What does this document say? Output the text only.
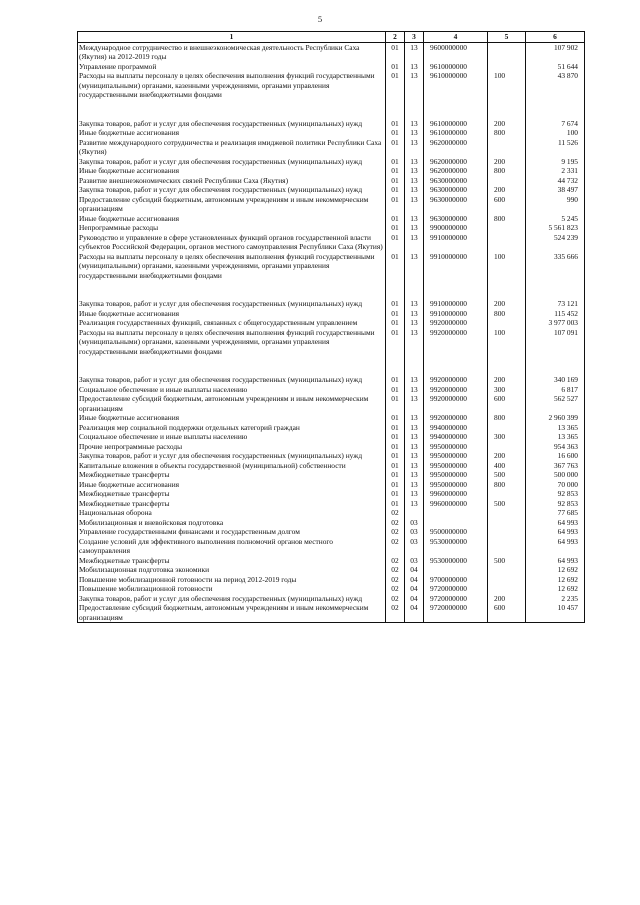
5
1	2	3	4	5	6
Международное сотрудничество и внешнеэкономическая деятельность Республики Саха (Якутия) на 2012-2019 годы	01	13	9600000000		107 902
Управление программой	01	13	9610000000		51 644
Расходы на выплаты персоналу в целях обеспечения выполнения функций государственными (муниципальными) органами, казенными учреждениями, органами управления государственными внебюджетными фондами	01	13	9610000000	100	43 870
Закупка товаров, работ и услуг для обеспечения государственных (муниципальных) нужд	01	13	9610000000	200	7 674
Иные бюджетные ассигнования	01	13	9610000000	800	100
Развитие международного сотрудничества и реализация имиджевой политики Республики Саха (Якутия)	01	13	9620000000		11 526
Закупка товаров, работ и услуг для обеспечения государственных (муниципальных) нужд	01	13	9620000000	200	9 195
Иные бюджетные ассигнования	01	13	9620000000	800	2 331
Развитие внешнеэкономических связей Республики Саха (Якутия)	01	13	9630000000		44 732
Закупка товаров, работ и услуг для обеспечения государственных (муниципальных) нужд	01	13	9630000000	200	38 497
Предоставление субсидий бюджетным, автономным учреждениям и иным некоммерческим организациям	01	13	9630000000	600	990
Иные бюджетные ассигнования	01	13	9630000000	800	5 245
Непрограммные расходы	01	13	9900000000		5 561 823
Руководство и управление в сфере установленных функций органов государственной власти субъектов Российской Федерации, органов местного самоуправления Республики Саха (Якутия)	01	13	9910000000		524 239
Расходы на выплаты персоналу в целях обеспечения выполнения функций государственными (муниципальными) органами, казенными учреждениями, органами управления государственными внебюджетными фондами	01	13	9910000000	100	335 666
Закупка товаров, работ и услуг для обеспечения государственных (муниципальных) нужд	01	13	9910000000	200	73 121
Иные бюджетные ассигнования	01	13	9910000000	800	115 452
Реализация государственных функций, связанных с общегосударственным управлением	01	13	9920000000		3 977 003
Расходы на выплаты персоналу в целях обеспечения выполнения функций государственными (муниципальными) органами, казенными учреждениями, органами управления государственными внебюджетными фондами	01	13	9920000000	100	107 091
Закупка товаров, работ и услуг для обеспечения государственных (муниципальных) нужд	01	13	9920000000	200	340 169
Социальное обеспечение и иные выплаты населению	01	13	9920000000	300	6 817
Предоставление субсидий бюджетным, автономным учреждениям и иным некоммерческим организациям	01	13	9920000000	600	562 527
Иные бюджетные ассигнования	01	13	9920000000	800	2 960 399
Реализация мер социальной поддержки отдельных категорий граждан	01	13	9940000000		13 365
Социальное обеспечение и иные выплаты населению	01	13	9940000000	300	13 365
Прочие непрограммные расходы	01	13	9950000000		954 363
Закупка товаров, работ и услуг для обеспечения государственных (муниципальных) нужд	01	13	9950000000	200	16 600
Капитальные вложения в объекты государственной (муниципальной) собственности	01	13	9950000000	400	367 763
Межбюджетные трансферты	01	13	9950000000	500	500 000
Иные бюджетные ассигнования	01	13	9950000000	800	70 000
Межбюджетные трансферты	01	13	9960000000		92 853
Межбюджетные трансферты	01	13	9960000000	500	92 853
Национальная оборона	02				77 685
Мобилизационная и вневойсковая подготовка	02	03			64 993
Управление государственными финансами и государственным долгом	02	03	9500000000		64 993
Создание условий для эффективного выполнения полномочий органов местного самоуправления	02	03	9530000000		64 993
Межбюджетные трансферты	02	03	9530000000	500	64 993
Мобилизационная подготовка экономики	02	04			12 692
Повышение мобилизационной готовности на период 2012-2019 годы	02	04	9700000000		12 692
Повышение мобилизационной готовности	02	04	9720000000		12 692
Закупка товаров, работ и услуг для обеспечения государственных (муниципальных) нужд	02	04	9720000000	200	2 235
Предоставление субсидий бюджетным, автономным учреждениям и иным некоммерческим организациям	02	04	9720000000	600	10 457
